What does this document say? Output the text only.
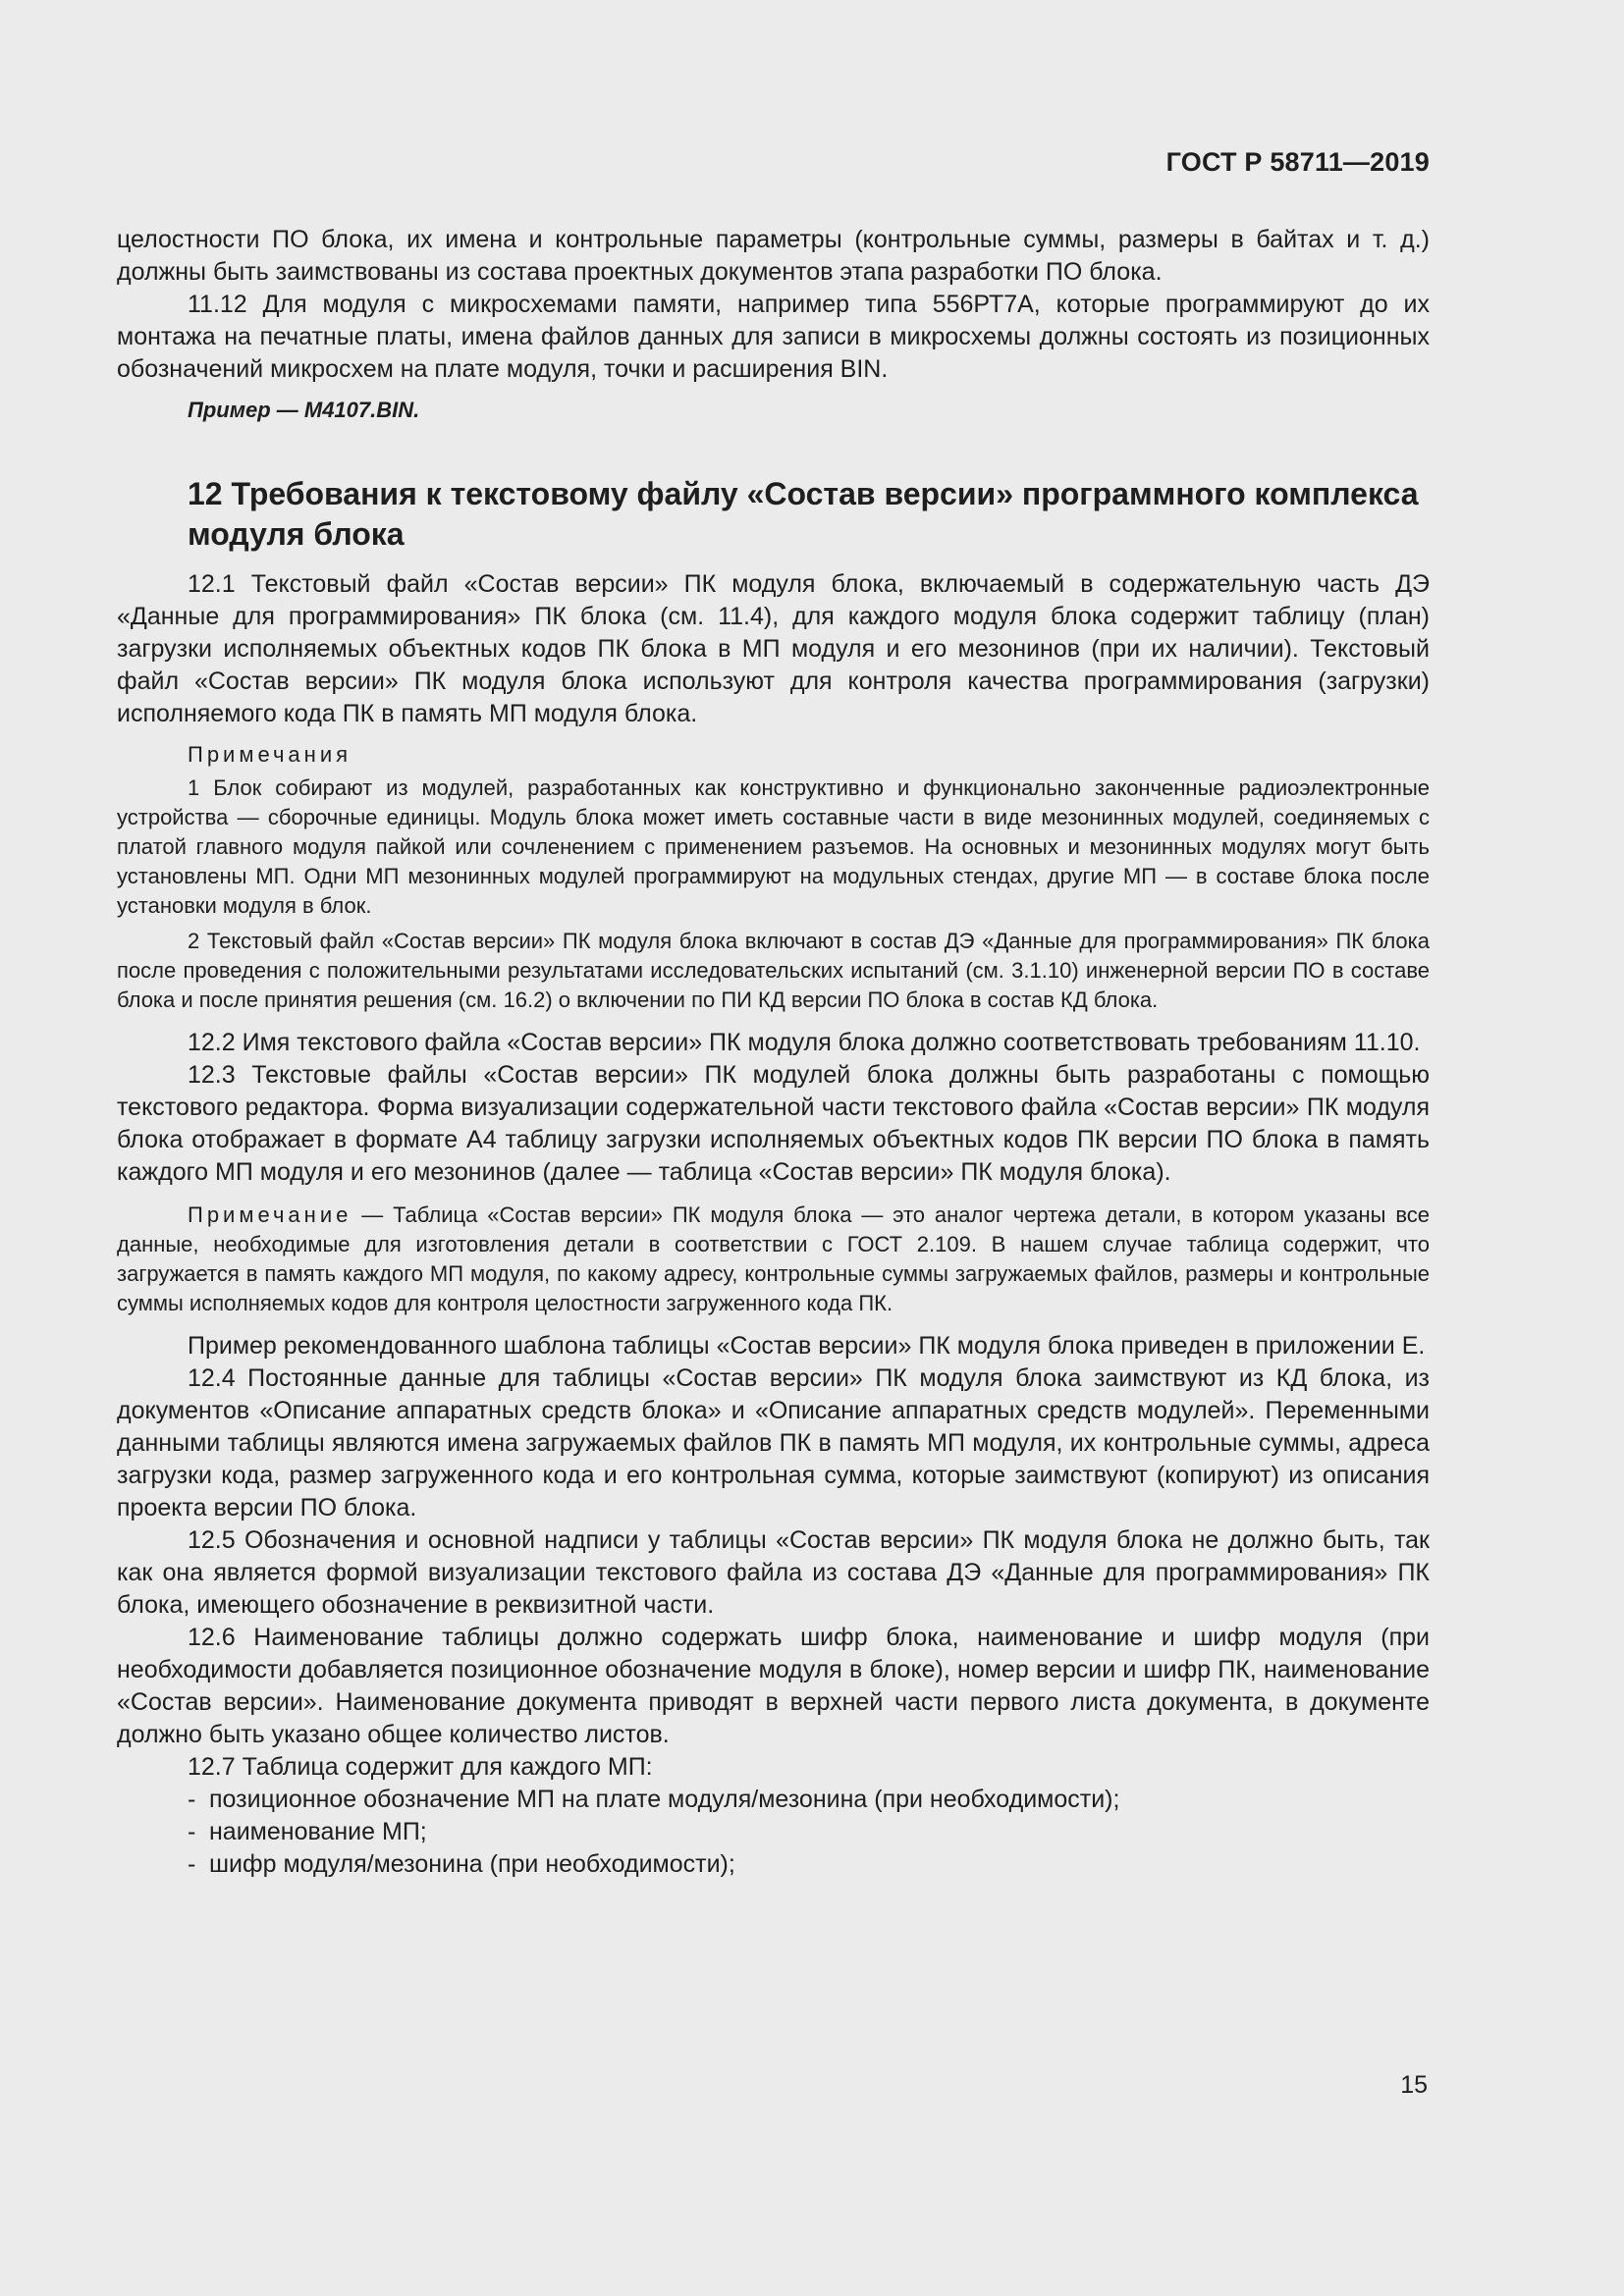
ГОСТ Р 58711—2019

целостности ПО блока, их имена и контрольные параметры (контрольные суммы, размеры в байтах и т. д.) должны быть заимствованы из состава проектных документов этапа разработки ПО блока.

11.12 Для модуля с микросхемами памяти, например типа 556РТ7А, которые программируют до их монтажа на печатные платы, имена файлов данных для записи в микросхемы должны состоять из позиционных обозначений микросхем на плате модуля, точки и расширения BIN.

Пример — М4107.BIN.

12 Требования к текстовому файлу «Состав версии» программного комплекса модуля блока

12.1 Текстовый файл «Состав версии» ПК модуля блока, включаемый в содержательную часть ДЭ «Данные для программирования» ПК блока (см. 11.4), для каждого модуля блока содержит таблицу (план) загрузки исполняемых объектных кодов ПК блока в МП модуля и его мезонинов (при их наличии). Текстовый файл «Состав версии» ПК модуля блока используют для контроля качества программирования (загрузки) исполняемого кода ПК в память МП модуля блока.

Примечания

1 Блок собирают из модулей, разработанных как конструктивно и функционально законченные радиоэлектронные устройства — сборочные единицы. Модуль блока может иметь составные части в виде мезонинных модулей, соединяемых с платой главного модуля пайкой или сочленением с применением разъемов. На основных и мезонинных модулях могут быть установлены МП. Одни МП мезонинных модулей программируют на модульных стендах, другие МП — в составе блока после установки модуля в блок.

2 Текстовый файл «Состав версии» ПК модуля блока включают в состав ДЭ «Данные для программирования» ПК блока после проведения с положительными результатами исследовательских испытаний (см. 3.1.10) инженерной версии ПО в составе блока и после принятия решения (см. 16.2) о включении по ПИ КД версии ПО блока в состав КД блока.

12.2 Имя текстового файла «Состав версии» ПК модуля блока должно соответствовать требованиям 11.10.

12.3 Текстовые файлы «Состав версии» ПК модулей блока должны быть разработаны с помощью текстового редактора. Форма визуализации содержательной части текстового файла «Состав версии» ПК модуля блока отображает в формате А4 таблицу загрузки исполняемых объектных кодов ПК версии ПО блока в память каждого МП модуля и его мезонинов (далее — таблица «Состав версии» ПК модуля блока).

Примечание — Таблица «Состав версии» ПК модуля блока — это аналог чертежа детали, в котором указаны все данные, необходимые для изготовления детали в соответствии с ГОСТ 2.109. В нашем случае таблица содержит, что загружается в память каждого МП модуля, по какому адресу, контрольные суммы загружаемых файлов, размеры и контрольные суммы исполняемых кодов для контроля целостности загруженного кода ПК.

Пример рекомендованного шаблона таблицы «Состав версии» ПК модуля блока приведен в приложении Е.

12.4 Постоянные данные для таблицы «Состав версии» ПК модуля блока заимствуют из КД блока, из документов «Описание аппаратных средств блока» и «Описание аппаратных средств модулей». Переменными данными таблицы являются имена загружаемых файлов ПК в память МП модуля, их контрольные суммы, адреса загрузки кода, размер загруженного кода и его контрольная сумма, которые заимствуют (копируют) из описания проекта версии ПО блока.

12.5 Обозначения и основной надписи у таблицы «Состав версии» ПК модуля блока не должно быть, так как она является формой визуализации текстового файла из состава ДЭ «Данные для программирования» ПК блока, имеющего обозначение в реквизитной части.

12.6 Наименование таблицы должно содержать шифр блока, наименование и шифр модуля (при необходимости добавляется позиционное обозначение модуля в блоке), номер версии и шифр ПК, наименование «Состав версии». Наименование документа приводят в верхней части первого листа документа, в документе должно быть указано общее количество листов.

12.7 Таблица содержит для каждого МП:

- позиционное обозначение МП на плате модуля/мезонина (при необходимости);
- наименование МП;
- шифр модуля/мезонина (при необходимости);
15
